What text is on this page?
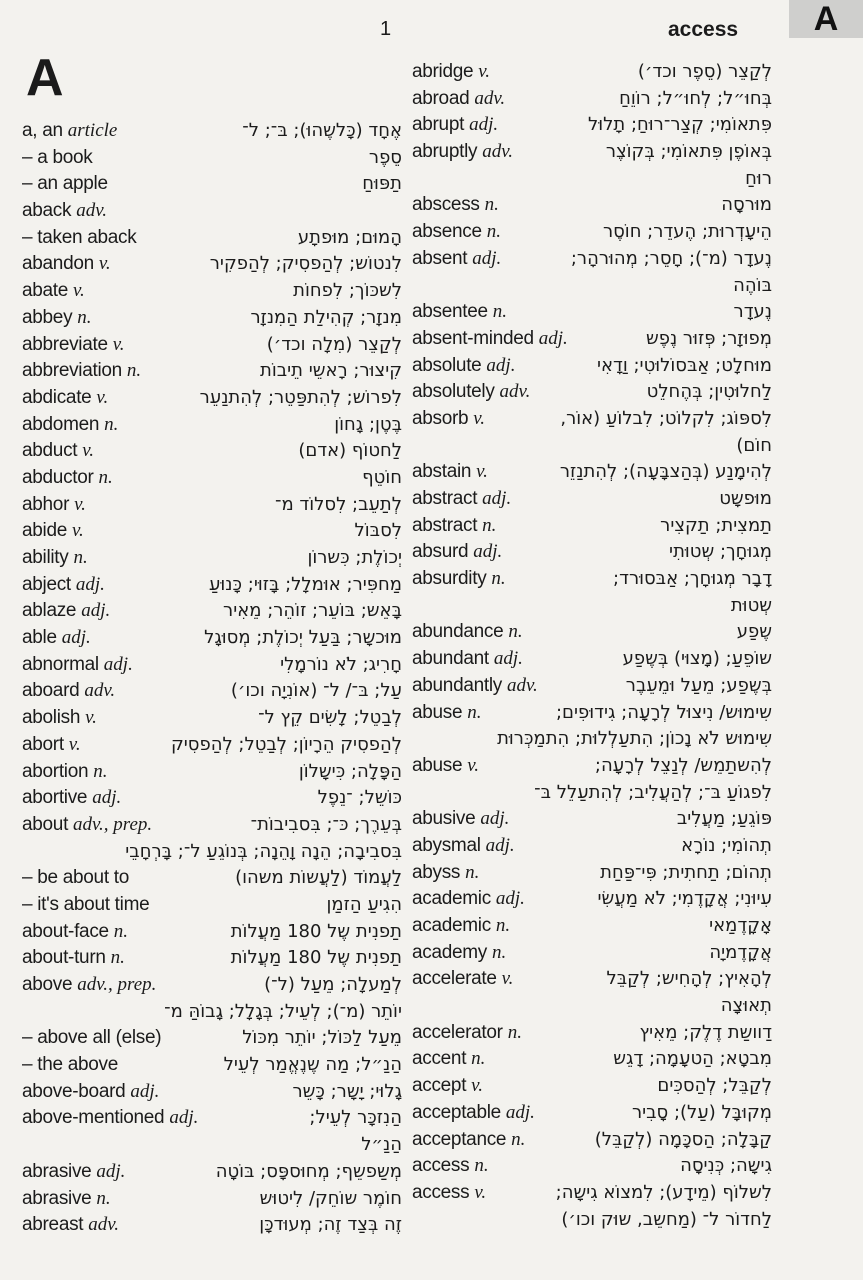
1	access	A
A
a, an article	אֶחָד (כָּלשֶהוּ); בּ־; ל־
– a book	סֵפֶר
– an apple	תַפּוּחַ
aback adv.
– taken aback	הָמוּם; מוּפתָע
abandon v.	לִנטוֹש; לְהַפסִיק; לְהַפקִיר
abate v.	לִשכּוֹך; לִפחוֹת
abbey n.	מִנזָר; קְהִילַת הַמִנזָר
abbreviate v.	לְקַצֵר (מִלָה וכד׳)
abbreviation n.	קִיצוּר; רָאשֵי תֵיבוֹת
abdicate v.	לִפרוֹש; לְהִתפַּטֵר; לְהִתנַעֵר
abdomen n.	בֶּטֶן; גָחוֹן
abduct v.	לַחטוֹף (אדם)
abductor n.	חוֹטֵף
abhor v.	לְתַעֵב; לִסלוֹד מ־
abide v.	לִסבּוֹל
ability n.	יְכוֹלֶת; כִּשרוֹן
abject adj.	מַחפִּיר; אוּמלָל; בָּזוּי; כָּנוּעַ
ablaze adj.	בָּאֵש; בּוֹעֵר; זוֹהֵר; מֵאִיר
able adj.	מוּכשָר; בַּעַל יְכוֹלֶת; מְסוּגָל
abnormal adj.	חָרִיג; לֹא נוֹרמָלִי
aboard adv.	עַל; בּ־/ ל־ (אוֹנִיָה וכו׳)
abolish v.	לְבַטֵל; לָשִׂים קֵץ ל־
abort v.	לְהַפסִיק הֵרָיוֹן; לְבַטֵל; לְהַפסִיק
abortion n.	הַפָּלָה; כִּישָלוֹן
abortive adj.	כּוֹשֵל; ־נֵפֶל
about adv., prep.	בְּעֵרֶך; כּ־; בִּסבִיבוֹת־
בִּסבִיבָה; הֵנָה וָהֵנָה; בְּנוֹגֵעַ ל־; בָּרְחָבֵי
– be about to	לַעֲמוֹד (לַעֲשוֹת משהו)
– it's about time	הִגִיעַ הַזמַן
about-face n.	תַפנִית שֶל 180 מַעֲלוֹת
about-turn n.	תַפנִית שֶל 180 מַעֲלוֹת
above adv., prep.	לְמַעלָה; מֵעַל (ל־)
יוֹתֵר (מ־); לְעֵיל; בְּגָלָל; גָבוֹהַּ מ־
– above all (else)	מֵעַל לַכּוֹל; יוֹתֵר מִכּוֹל
– the above	הַנַ״ל; מַה שֶנֶאֱמַר לְעֵיל
above-board adj.	גָלוּי; יָשָר; כָּשֵר
above-mentioned adj.	הַנִזכָּר לְעֵיל;
הַנַ״ל
abrasive adj.	מְשַפשֵף; מְחוּספָּס; בּוֹטָה
abrasive n.	חוֹמֶר שוֹחֵק/ לִיטוּש
abreast adv.	זֶה בְּצַד זֶה; מְעוּדכָּן
abridge v.	לְקַצֵר (סֵפֶר וכד׳)
abroad adv.	בְּחוּ״ל; לְחוּ״ל; רוֹוֵחַ
abrupt adj.	פִּתאוֹמִי; קְצַר־רוּחַ; תָלוּל
abruptly adv.	בְּאוֹפֶן פִּתאוֹמִי; בְּקוֹצֶר
רוּחַ
abscess n.	מוּרסָה
absence n.	הֵיעָדְרוּת; הֶעדֵר; חוֹסֶר
absent adj.	נֶעדָר (מ־); חָסֵר; מְהוּרהָר;
בּוֹהֶה
absentee n.	נֶעדָר
absent-minded adj.	מְפוּזָר; פְּזוּר נֶפֶש
absolute adj.	מוּחלָט; אַבּסוֹלוּטִי; וַדָאִי
absolutely adv.	לַחלוּטִין; בְּהֶחלֵט
absorb v.	לִספּוֹג; לִקלוֹט; לִבלוֹעַ (אוֹר,
חוֹם)
abstain v.	לְהִימָנַע (בְּהַצבָּעָה); לְהִתנַזֵר
abstract adj.	מוּפשָט
abstract n.	תַמצִית; תַקצִיר
absurd adj.	מְגוּחָך; שְטוּתִי
absurdity n.	דָבָר מְגוּחָך; אַבּסוּרד;
שְטוּת
abundance n.	שֶפַע
abundant adj.	שוֹפֵעַ; (מָצוּי) בְּשֶפַע
abundantly adv.	בְּשֶפַע; מֵעַל וּמֵעֵבֶר
abuse n.	שִימוּש/ נִיצוּל לְרָעָה; גִידוּפִים;
שִימוּש לֹא נָכוֹן; הִתעַלְלוּת; הִתמַכְּרוּת
abuse v.	לְהִשתַמֵש/ לְנַצֵל לְרָעָה;
לִפגוֹעַ בּ־; לְהַעֲלִיב; לְהִתעַלֵל בּ־
abusive adj.	פּוֹגֵעַ; מַעֲלִיב
abysmal adj.	תְהוֹמִי; נוֹרָא
abyss n.	תְהוֹם; תַחתִית; פִּי־פַּחַת
academic adj.	עִיוּנִי; אֲקָדֶמִי; לֹא מַעֲשִׂי
academic n.	אָקָדֶמַאי
academy n.	אֲקָדֶמיָה
accelerate v.	לְהָאִיץ; לְהָחִיש; לְקַבֵּל
תְאוּצָה
accelerator n.	דַוושַת דֶלֶק; מֵאִיץ
accent n.	מִבטָא; הַטעָמָה; דָגֵש
accept v.	לְקַבֵּל; לְהַסכִּים
acceptable adj.	מְקוּבָּל (עַל); סָבִיר
acceptance n.	קַבָּלָה; הַסכָּמָה (לְקַבֵּל)
access n.	גִישָה; כְּנִיסָה
access v.	לִשלוֹף (מֵידָע); לִמצוֹא גִישָה;
לַחדוֹר ל־ (מַחשֵב, שוּק וכו׳)
